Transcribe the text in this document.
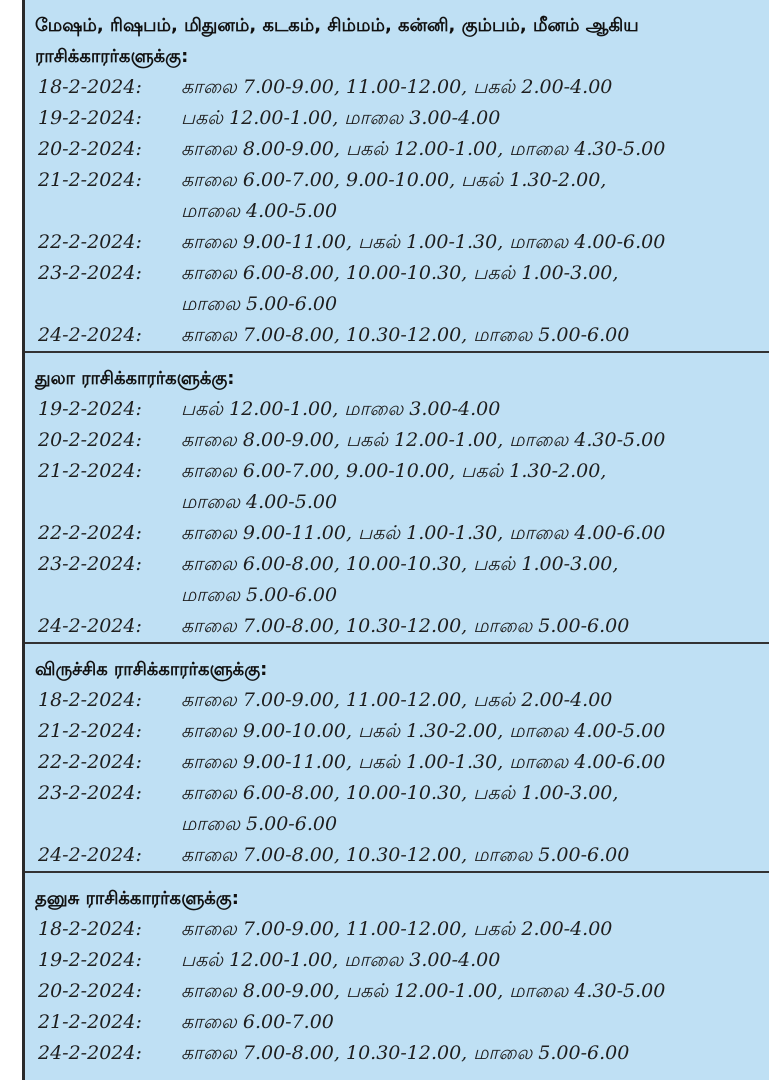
மேஷம், ரிஷபம், மிதுனம், கடகம், சிம்மம், கன்னி, கும்பம், மீனம் ஆகிய
ராசிக்காரர்களுக்கு:
18-2-2024:	காலை 7.00-9.00, 11.00-12.00, பகல் 2.00-4.00
19-2-2024:	பகல் 12.00-1.00, மாலை 3.00-4.00
20-2-2024:	காலை 8.00-9.00, பகல் 12.00-1.00, மாலை 4.30-5.00
21-2-2024:	காலை 6.00-7.00, 9.00-10.00, பகல் 1.30-2.00,
மாலை 4.00-5.00
22-2-2024:	காலை 9.00-11.00, பகல் 1.00-1.30, மாலை 4.00-6.00
23-2-2024:	காலை 6.00-8.00, 10.00-10.30, பகல் 1.00-3.00,
மாலை 5.00-6.00
24-2-2024:	காலை 7.00-8.00, 10.30-12.00, மாலை 5.00-6.00
துலா ராசிக்காரர்களுக்கு:
19-2-2024:	பகல் 12.00-1.00, மாலை 3.00-4.00
20-2-2024:	காலை 8.00-9.00, பகல் 12.00-1.00, மாலை 4.30-5.00
21-2-2024:	காலை 6.00-7.00, 9.00-10.00, பகல் 1.30-2.00,
மாலை 4.00-5.00
22-2-2024:	காலை 9.00-11.00, பகல் 1.00-1.30, மாலை 4.00-6.00
23-2-2024:	காலை 6.00-8.00, 10.00-10.30, பகல் 1.00-3.00,
மாலை 5.00-6.00
24-2-2024:	காலை 7.00-8.00, 10.30-12.00, மாலை 5.00-6.00
விருச்சிக ராசிக்காரர்களுக்கு:
18-2-2024:	காலை 7.00-9.00, 11.00-12.00, பகல் 2.00-4.00
21-2-2024:	காலை 9.00-10.00, பகல் 1.30-2.00, மாலை 4.00-5.00
22-2-2024:	காலை 9.00-11.00, பகல் 1.00-1.30, மாலை 4.00-6.00
23-2-2024:	காலை 6.00-8.00, 10.00-10.30, பகல் 1.00-3.00,
மாலை 5.00-6.00
24-2-2024:	காலை 7.00-8.00, 10.30-12.00, மாலை 5.00-6.00
தனுசு ராசிக்காரர்களுக்கு:
18-2-2024:	காலை 7.00-9.00, 11.00-12.00, பகல் 2.00-4.00
19-2-2024:	பகல் 12.00-1.00, மாலை 3.00-4.00
20-2-2024:	காலை 8.00-9.00, பகல் 12.00-1.00, மாலை 4.30-5.00
21-2-2024:	காலை 6.00-7.00
24-2-2024:	காலை 7.00-8.00, 10.30-12.00, மாலை 5.00-6.00
